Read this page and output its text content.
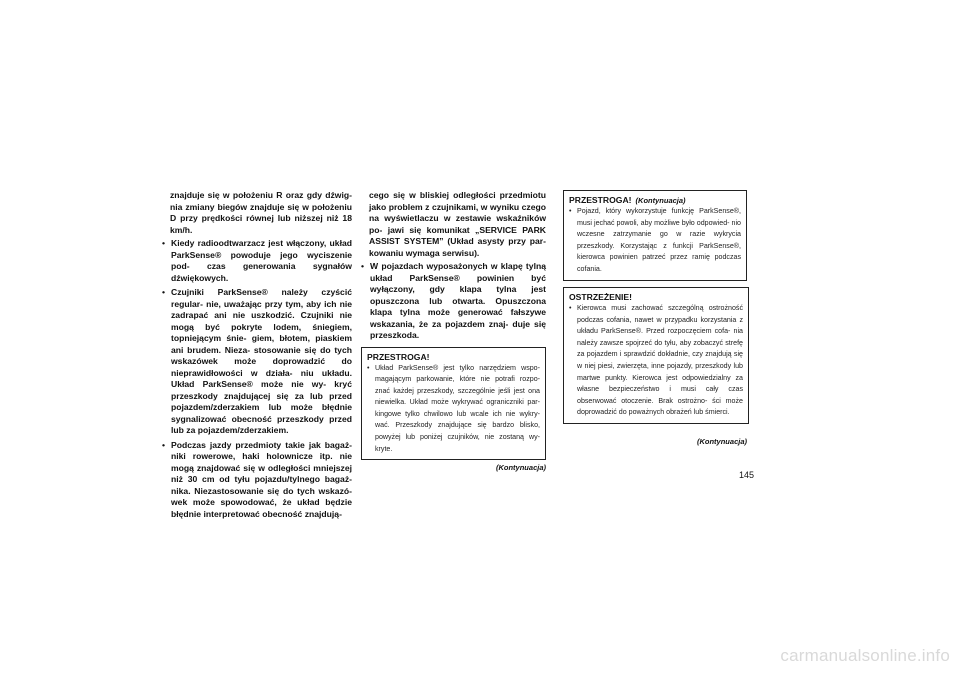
znajduje się w położeniu R oraz gdy dźwig- nia zmiany biegów znajduje się w położeniu D przy prędkości równej lub niższej niż 18 km/h.

• Kiedy radioodtwarzacz jest włączony, układ ParkSense® powoduje jego wyciszenie pod- czas generowania sygnałów dźwiękowych.
• Czujniki ParkSense® należy czyścić regular- nie, uważając przy tym, aby ich nie zadrapać ani nie uszkodzić. Czujniki nie mogą być pokryte lodem, śniegiem, topniejącym śnie- giem, błotem, piaskiem ani brudem. Nieza- stosowanie się do tych wskazówek może doprowadzić do nieprawidłowości w działa- niu układu. Układ ParkSense® może nie wy- kryć przeszkody znajdującej się za lub przed pojazdem/zderzakiem lub może błędnie sygnalizować obecność przeszkody przed lub za pojazdem/zderzakiem.
• Podczas jazdy przedmioty takie jak bagaż- niki rowerowe, haki holownicze itp. nie mogą znajdować się w odległości mniejszej niż 30 cm od tyłu pojazdu/tylnego bagaż- nika. Niezastosowanie się do tych wskazó- wek może spowodować, że układ będzie błędnie interpretować obecność znajdują-

cego się w bliskiej odległości przedmiotu jako problem z czujnikami, w wyniku czego na wyświetlaczu w zestawie wskaźników po- jawi się komunikat „SERVICE PARK ASSIST SYSTEM” (Układ asysty przy par- kowaniu wymaga serwisu).

• W pojazdach wyposażonych w klapę tylną układ ParkSense® powinien być wyłączony, gdy klapa tylna jest opuszczona lub otwarta. Opuszczona klapa tylna może generować fałszywe wskazania, że za pojazdem znaj- duje się przeszkoda.
PRZESTROGA!
• Układ ParkSense® jest tylko narzędziem wspo- magającym parkowanie, które nie potrafi rozpo- znać każdej przeszkody, szczególnie jeśli jest ona niewielka. Układ może wykrywać ograniczniki par- kingowe tylko chwilowo lub wcale ich nie wykry- wać. Przeszkody znajdujące się bardzo blisko, powyżej lub poniżej czujników, nie zostaną wy- kryte.
(Kontynuacja)
PRZESTROGA! (Kontynuacja)
• Pojazd, który wykorzystuje funkcję ParkSense®, musi jechać powoli, aby możliwe było odpowied- nio wczesne zatrzymanie go w razie wykrycia przeszkody. Korzystając z funkcji ParkSense®, kierowca powinien patrzeć przez ramię podczas cofania.
OSTRZEŻENIE!
• Kierowca musi zachować szczególną ostrożność podczas cofania, nawet w przypadku korzystania z układu ParkSense®. Przed rozpoczęciem cofa- nia należy zawsze spojrzeć do tyłu, aby zobaczyć strefę za pojazdem i sprawdzić dokładnie, czy znajdują się w niej piesi, zwierzęta, inne pojazdy, przeszkody lub martwe punkty. Kierowca jest odpowiedzialny za własne bezpieczeństwo i musi cały czas obserwować otoczenie. Brak ostrożno- ści może doprowadzić do poważnych obrażeń lub śmierci.
(Kontynuacja)
145
carmanualsonline.info
